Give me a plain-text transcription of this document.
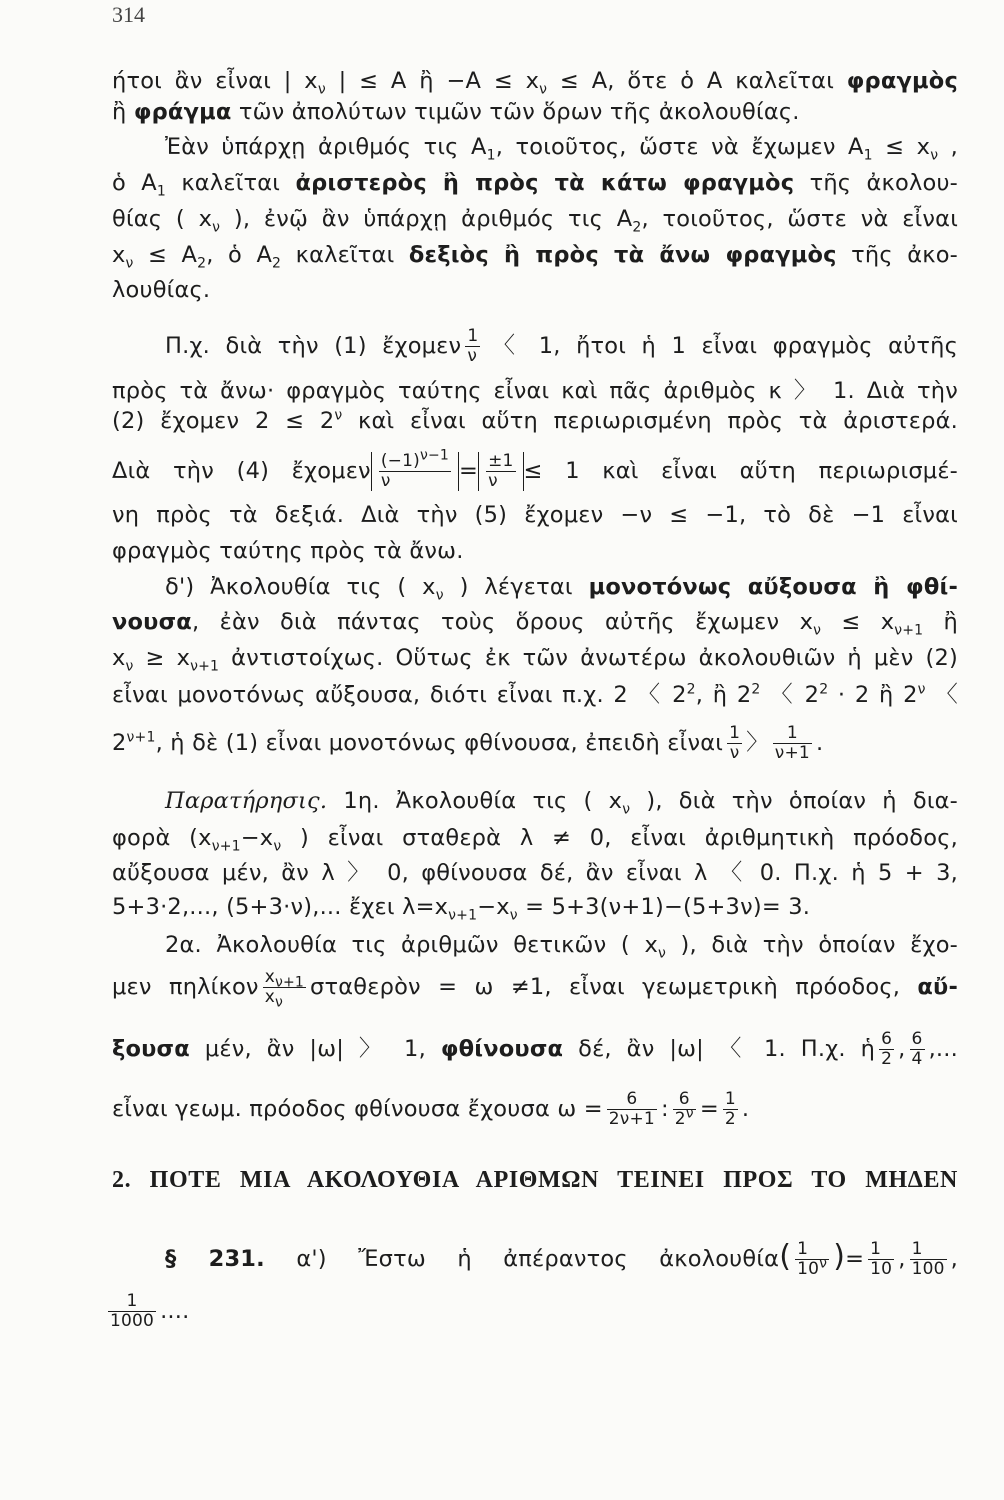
314
ήτοι ἂν εἶναι | $x_\nu$ | ≤ A ἢ $-A \le x_\nu \le A$, ὅτε ὁ A καλεῖται φραγμὸς
ἢ φράγμα τῶν ἀπολύτων τιμῶν τῶν ὅρων τῆς ἀκολουθίας.
Ἐὰν ὑπάρχῃ ἀριθμός τις $A_1$, τοιοῦτος, ὥστε νὰ ἔχωμεν $A_1 \le x_\nu$ ,
ὁ $A_1$ καλεῖται ἀριστερὸς ἢ πρὸς τὰ κάτω φραγμὸς τῆς ἀκολου-
θίας ( $x_\nu$ ), ἐνῷ ἂν ὑπάρχῃ ἀριθμός τις $A_2$, τοιοῦτος, ὥστε νὰ εἶναι
$x_\nu \le A_2$, ὁ $A_2$ καλεῖται δεξιὸς ἢ πρὸς τὰ ἄνω φραγμὸς τῆς ἀκο-
λουθίας.
Π.χ. διὰ τὴν (1) ἔχομεν $\frac{1}{\nu}$ 〈 1, ἤτοι ἡ 1 εἶναι φραγμὸς αὐτῆς
πρὸς τὰ ἄνω· φραγμὸς ταύτης εἶναι καὶ πᾶς ἀριθμὸς κ 〉 1. Διὰ τὴν
(2) ἔχομεν $2 \le 2^\nu$ καὶ εἶναι αὕτη περιωρισμένη πρὸς τὰ ἀριστερά.
Διὰ τὴν (4) ἔχομεν $\frac{(-1)^{\nu-1}}{\nu} = \frac{\pm 1}{\nu} \le 1$ καὶ εἶναι αὕτη περιωρισμέ-
νη πρὸς τὰ δεξιά. Διὰ τὴν (5) ἔχομεν −ν ≤ −1, τὸ δὲ −1 εἶναι
φραγμὸς ταύτης πρὸς τὰ ἄνω.
δ') Ἀκολουθία τις ( $x_\nu$ ) λέγεται μονοτόνως αὔξουσα ἢ φθί-
νουσα, ἐὰν διὰ πάντας τοὺς ὅρους αὐτῆς ἔχωμεν $x_\nu \le x_{\nu+1}$ ἢ
$x_\nu \ge x_{\nu+1}$ ἀντιστοίχως. Οὕτως ἐκ τῶν ἀνωτέρω ἀκολουθιῶν ἡ μὲν (2)
εἶναι μονοτόνως αὔξουσα, διότι εἶναι π.χ. 2 〈 $2^2$, ἢ $2^2$ 〈 $2^2 \cdot 2$ ἢ $2^\nu$ 〈
$2^{\nu+1}$, ἡ δὲ (1) εἶναι μονοτόνως φθίνουσα, ἐπειδὴ εἶναι $\frac{1}{\nu}$ 〉 $\frac{1}{\nu+1}$ .
Παρατήρησις. 1η. Ἀκολουθία τις ( $x_\nu$ ), διὰ τὴν ὁποίαν ἡ δια-
φορὰ ($x_{\nu+1}-x_\nu$ ) εἶναι σταθερὰ λ ≠ 0, εἶναι ἀριθμητικὴ πρόοδος,
αὔξουσα μέν, ἂν λ 〉 0, φθίνουσα δέ, ἂν εἶναι λ 〈 0. Π.χ. ἡ 5 + 3,
5+3·2,..., (5+3·ν),... ἔχει $\lambda=x_{\nu+1}-x_\nu = 5+3(\nu+1)-(5+3\nu)= 3$.
2α. Ἀκολουθία τις ἀριθμῶν θετικῶν ( $x_\nu$ ), διὰ τὴν ὁποίαν ἔχο-
μεν πηλίκον $\frac{x_{\nu+1}}{x_\nu}$ σταθερὸν = ω ≠1, εἶναι γεωμετρικὴ πρόοδος, αὔ-
ξουσα μέν, ἂν |ω| 〉 1, φθίνουσα δέ, ἂν |ω| 〈 1. Π.χ. ἡ $\frac{6}{2}$ , $\frac{6}{4}$ ,...
εἶναι γεωμ. πρόοδος φθίνουσα ἔχουσα $\omega = \frac{6}{2\nu+1}$ : $\frac{6}{2^\nu} = \frac{1}{2}$ .
2. ΠΟΤΕ ΜΙΑ ΑΚΟΛΟΥΘΙΑ ΑΡΙΘΜΩΝ ΤΕΙΝΕΙ ΠΡΟΣ ΤΟ ΜΗΔΕΝ
§ 231. α') Ἔστω ἡ ἀπέραντος ἀκολουθία( $\frac{1}{10^\nu}$ )= $\frac{1}{10}$ , $\frac{1}{100}$ ,
$\frac{1}{1000}$ ....
